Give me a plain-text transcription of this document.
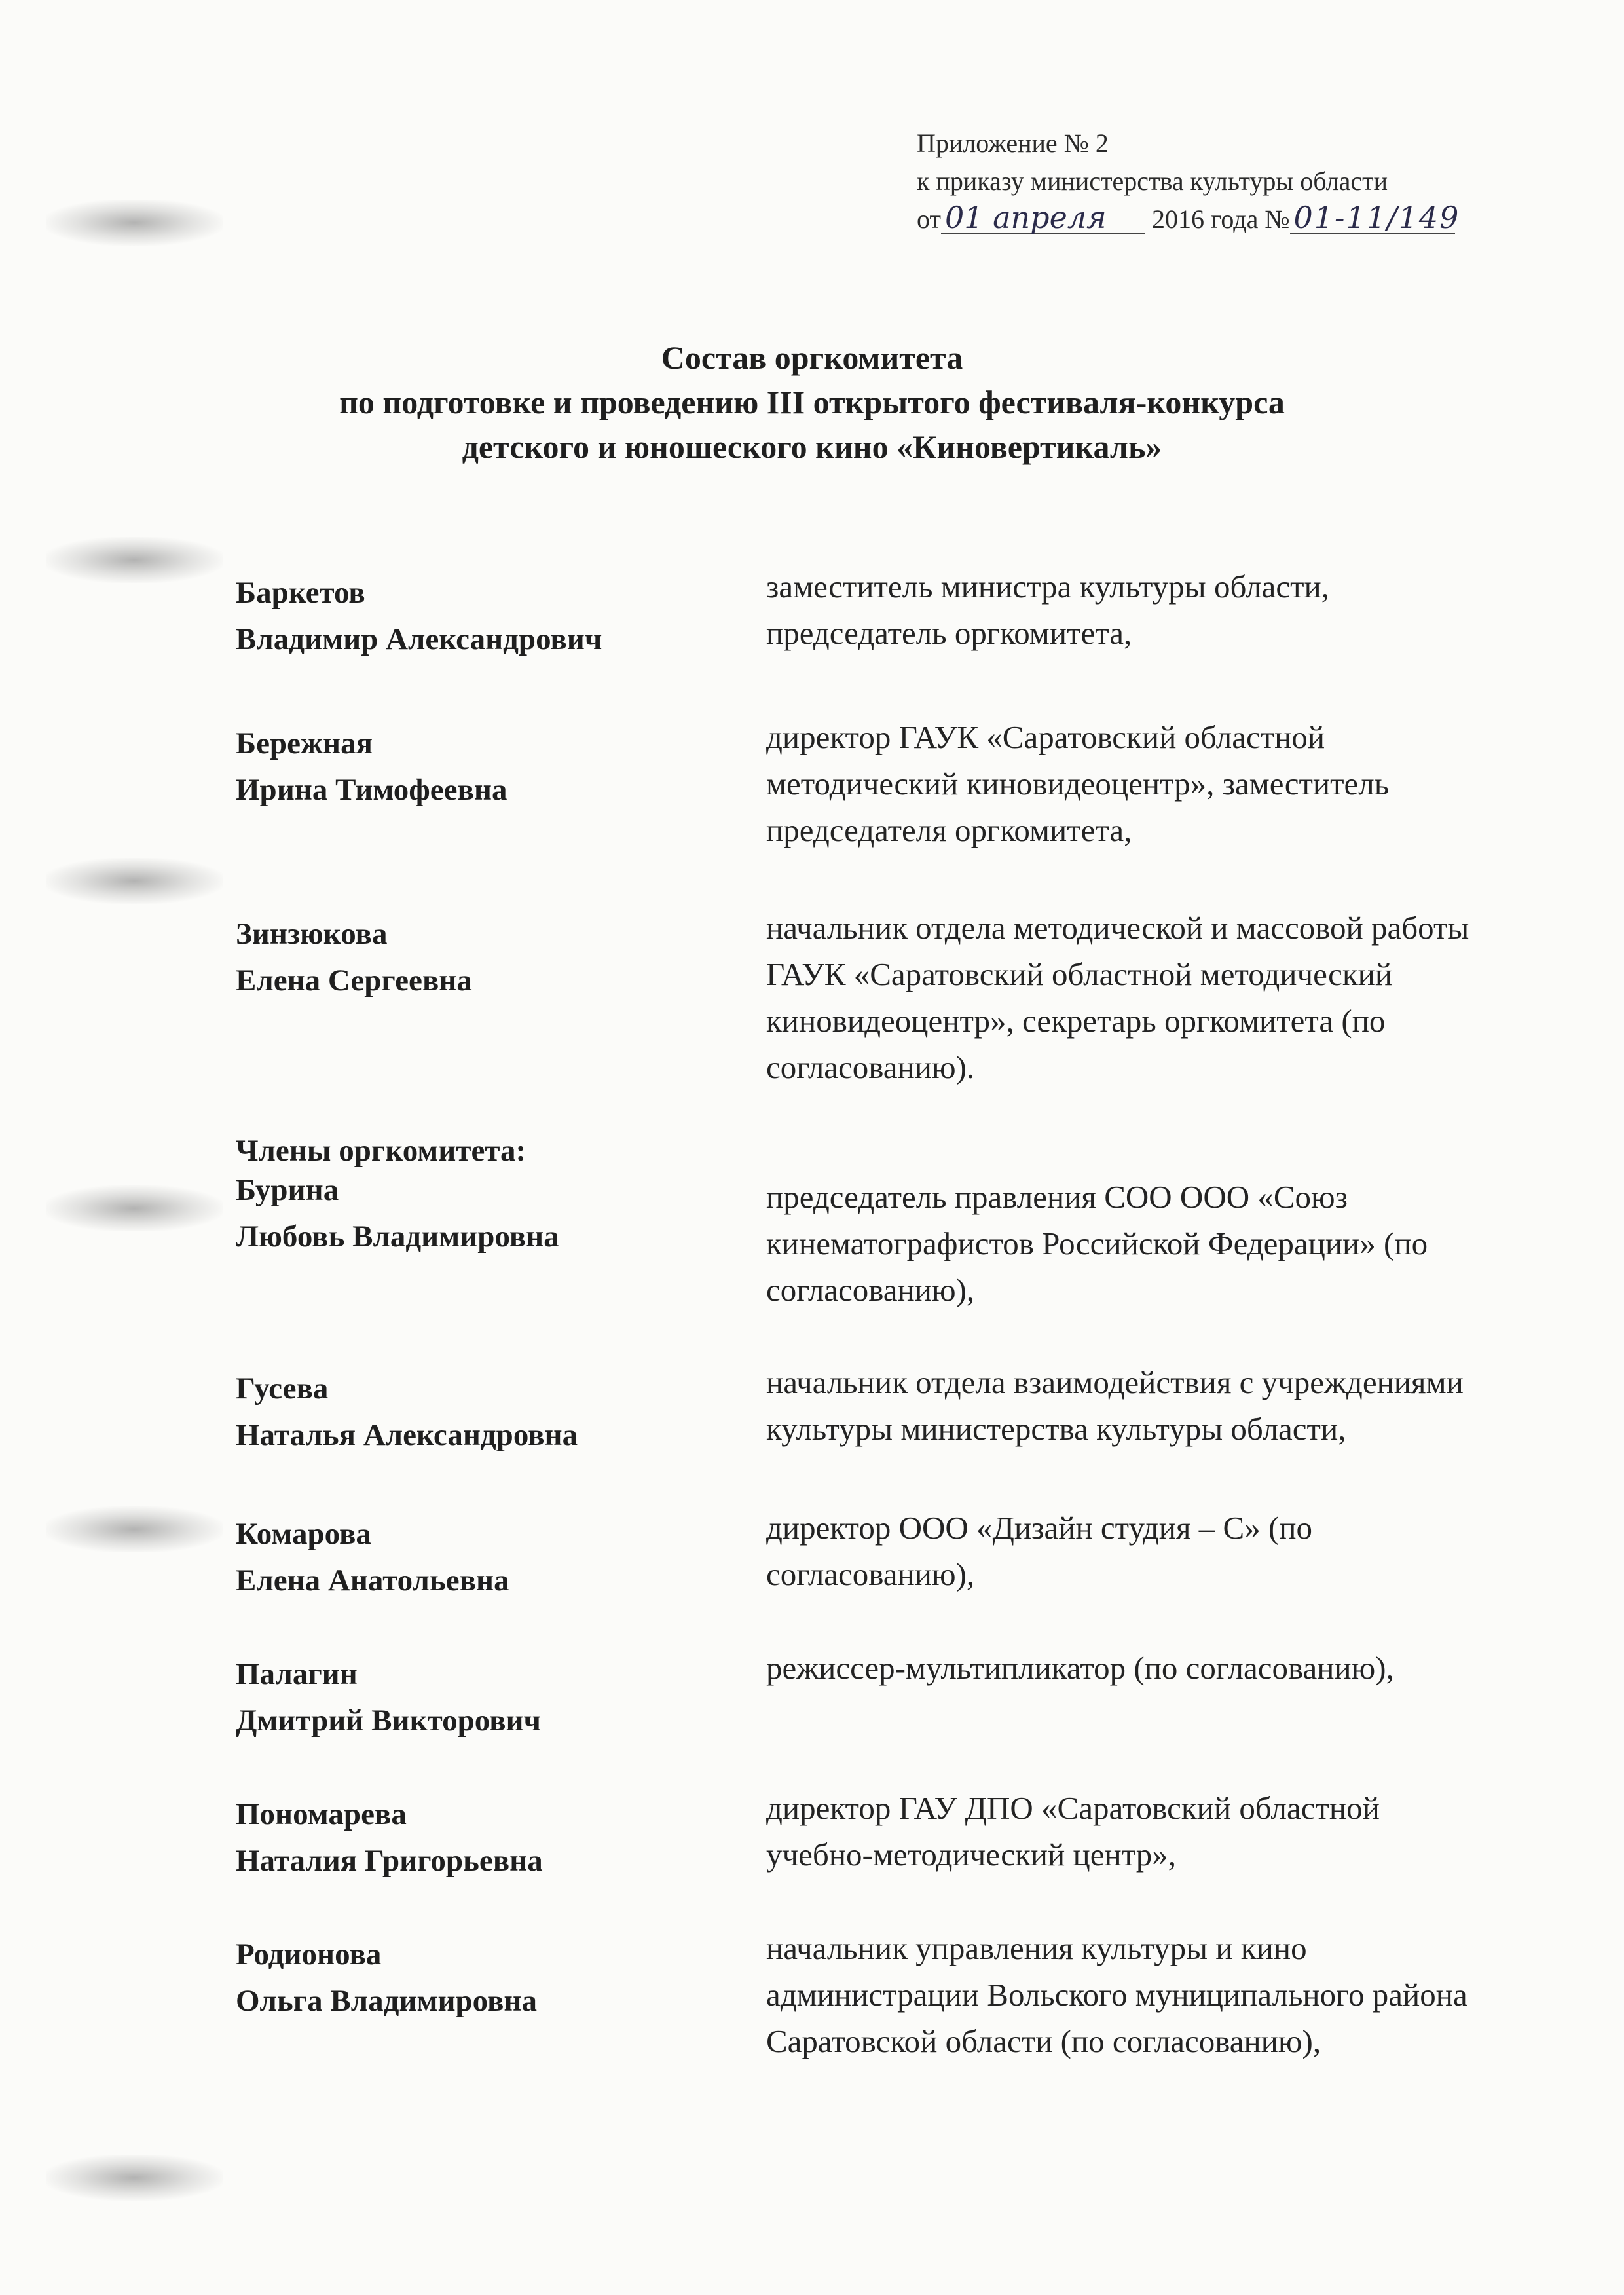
Приложение № 2
к приказу министерства культуры области
от 01 апреля 2016 года № 01-11/149
Состав оргкомитета
по подготовке и проведению III открытого фестиваля-конкурса
детского и юношеского кино «Киновертикаль»
Баркетов
Владимир Александрович
заместитель министра культуры области, председатель оргкомитета,
Бережная
Ирина Тимофеевна
директор ГАУК «Саратовский областной методический киновидеоцентр», заместитель председателя оргкомитета,
Зинзюкова
Елена Сергеевна
начальник отдела методической и массовой работы ГАУК «Саратовский областной методический киновидеоцентр», секретарь оргкомитета (по согласованию).
Члены оргкомитета:
Бурина
Любовь Владимировна
председатель правления СОО ООО «Союз кинематографистов Российской Федерации» (по согласованию),
Гусева
Наталья Александровна
начальник отдела взаимодействия с учреждениями культуры министерства культуры области,
Комарова
Елена Анатольевна
директор ООО «Дизайн студия – С» (по согласованию),
Палагин
Дмитрий Викторович
режиссер-мультипликатор (по согласованию),
Пономарева
Наталия Григорьевна
директор ГАУ ДПО «Саратовский областной учебно-методический центр»,
Родионова
Ольга Владимировна
начальник управления культуры и кино администрации Вольского муниципального района Саратовской области (по согласованию),
